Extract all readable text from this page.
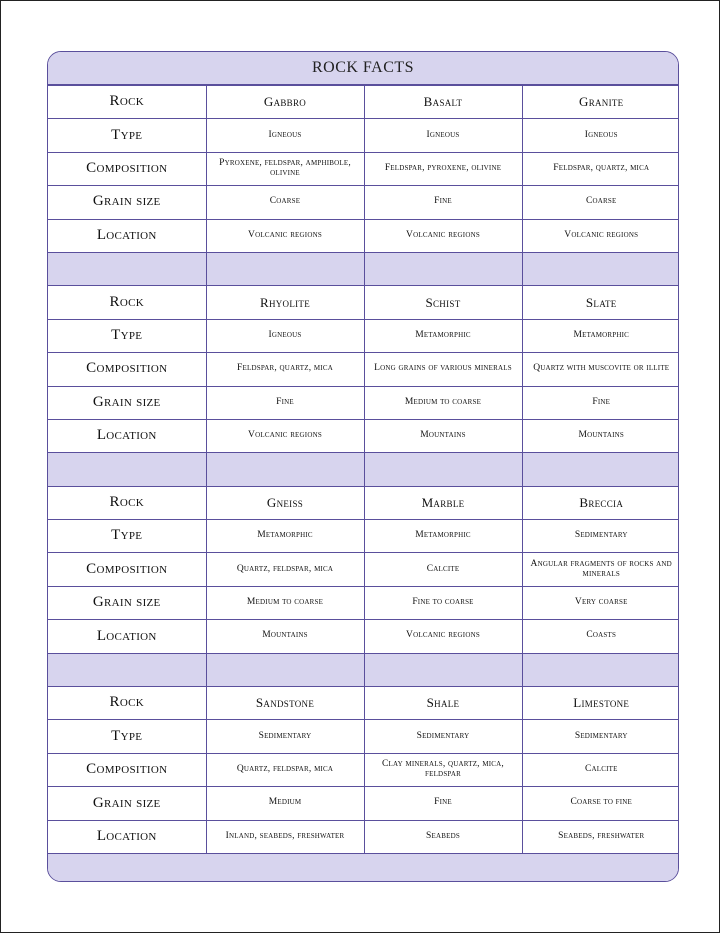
ROCK FACTS
Rock	Gabbro	Basalt	Granite
Type	Igneous	Igneous	Igneous
Composition	Pyroxene, feldspar, amphibole, olivine	Feldspar, pyroxene, olivine	Feldspar, quartz, mica
Grain size	Coarse	Fine	Coarse
Location	Volcanic regions	Volcanic regions	Volcanic regions

Rock	Rhyolite	Schist	Slate
Type	Igneous	Metamorphic	Metamorphic
Composition	Feldspar, quartz, mica	Long grains of various minerals	Quartz with muscovite or illite
Grain size	Fine	Medium to coarse	Fine
Location	Volcanic regions	Mountains	Mountains

Rock	Gneiss	Marble	Breccia
Type	Metamorphic	Metamorphic	Sedimentary
Composition	Quartz, feldspar, mica	Calcite	Angular fragments of rocks and minerals
Grain size	Medium to coarse	Fine to coarse	Very coarse
Location	Mountains	Volcanic regions	Coasts

Rock	Sandstone	Shale	Limestone
Type	Sedimentary	Sedimentary	Sedimentary
Composition	Quartz, feldspar, mica	Clay minerals, quartz, mica, feldspar	Calcite
Grain size	Medium	Fine	Coarse to fine
Location	Inland, seabeds, freshwater	Seabeds	Seabeds, freshwater
